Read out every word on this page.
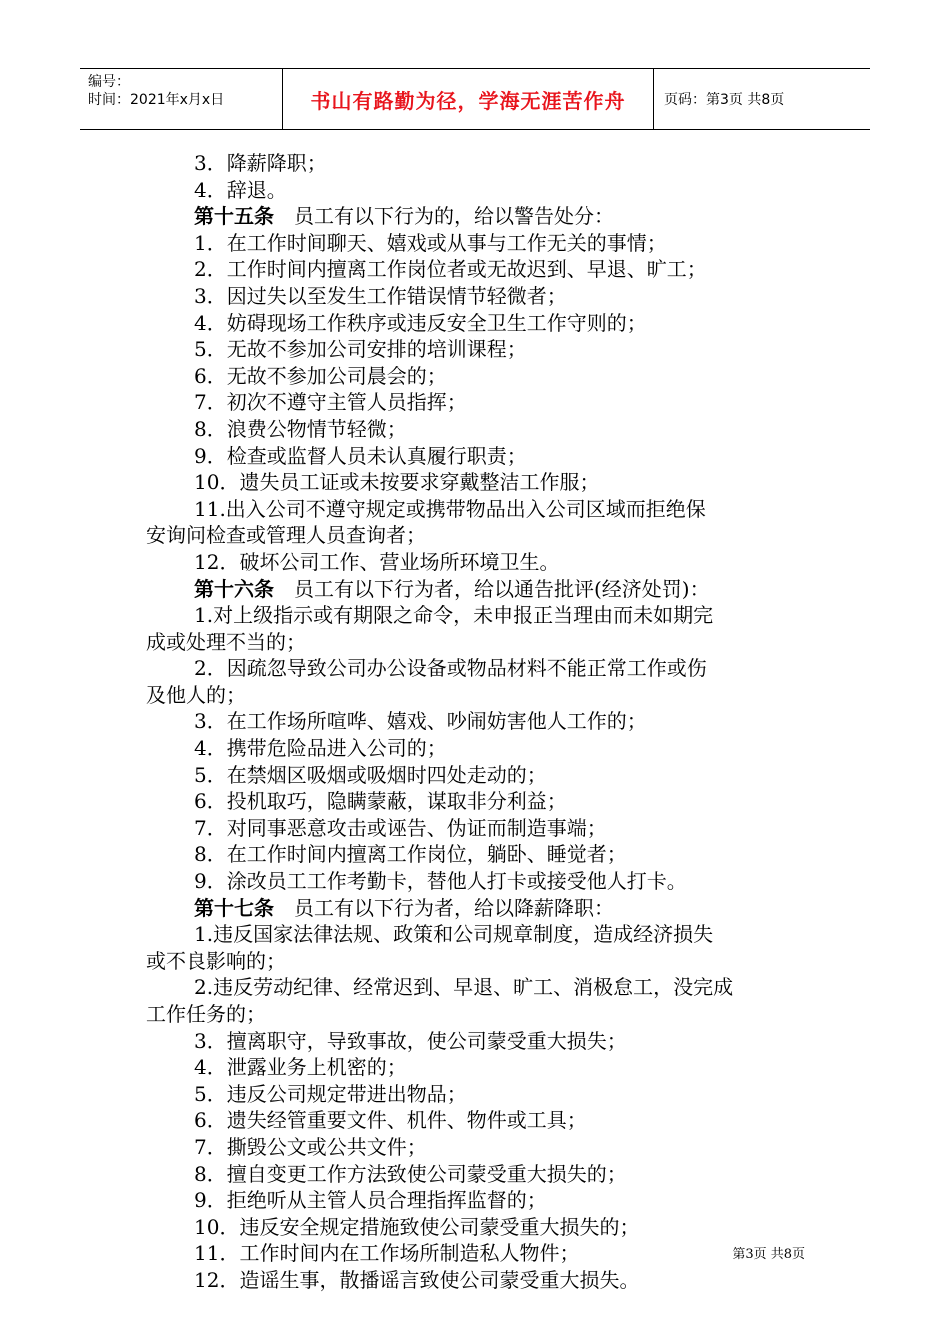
编号：
时间：2021年x月x日	书山有路勤为径，学海无涯苦作舟	页码：第3页 共8页
3．降薪降职；
4．辞退。
第十五条　员工有以下行为的，给以警告处分：
1．在工作时间聊天、嬉戏或从事与工作无关的事情；
2．工作时间内擅离工作岗位者或无故迟到、早退、旷工；
3．因过失以至发生工作错误情节轻微者；
4．妨碍现场工作秩序或违反安全卫生工作守则的；
5．无故不参加公司安排的培训课程；
6．无故不参加公司晨会的；
7．初次不遵守主管人员指挥；
8．浪费公物情节轻微；
9．检查或监督人员未认真履行职责；
10．遗失员工证或未按要求穿戴整洁工作服；
11.出入公司不遵守规定或携带物品出入公司区域而拒绝保
安询问检查或管理人员查询者；
12．破坏公司工作、营业场所环境卫生。
第十六条　员工有以下行为者，给以通告批评(经济处罚)：
1.对上级指示或有期限之命令，未申报正当理由而未如期完
成或处理不当的；
2．因疏忽导致公司办公设备或物品材料不能正常工作或伤
及他人的；
3．在工作场所喧哗、嬉戏、吵闹妨害他人工作的；
4．携带危险品进入公司的；
5．在禁烟区吸烟或吸烟时四处走动的；
6．投机取巧，隐瞒蒙蔽，谋取非分利益；
7．对同事恶意攻击或诬告、伪证而制造事端；
8．在工作时间内擅离工作岗位，躺卧、睡觉者；
9．涂改员工工作考勤卡，替他人打卡或接受他人打卡。
第十七条　员工有以下行为者，给以降薪降职：
1.违反国家法律法规、政策和公司规章制度，造成经济损失
或不良影响的；
2.违反劳动纪律、经常迟到、早退、旷工、消极怠工，没完成
工作任务的；
3．擅离职守，导致事故，使公司蒙受重大损失；
4．泄露业务上机密的；
5．违反公司规定带进出物品；
6．遗失经管重要文件、机件、物件或工具；
7．撕毁公文或公共文件；
8．擅自变更工作方法致使公司蒙受重大损失的；
9．拒绝听从主管人员合理指挥监督的；
10．违反安全规定措施致使公司蒙受重大损失的；
11．工作时间内在工作场所制造私人物件；
12．造谣生事，散播谣言致使公司蒙受重大损失。
第3页 共8页
